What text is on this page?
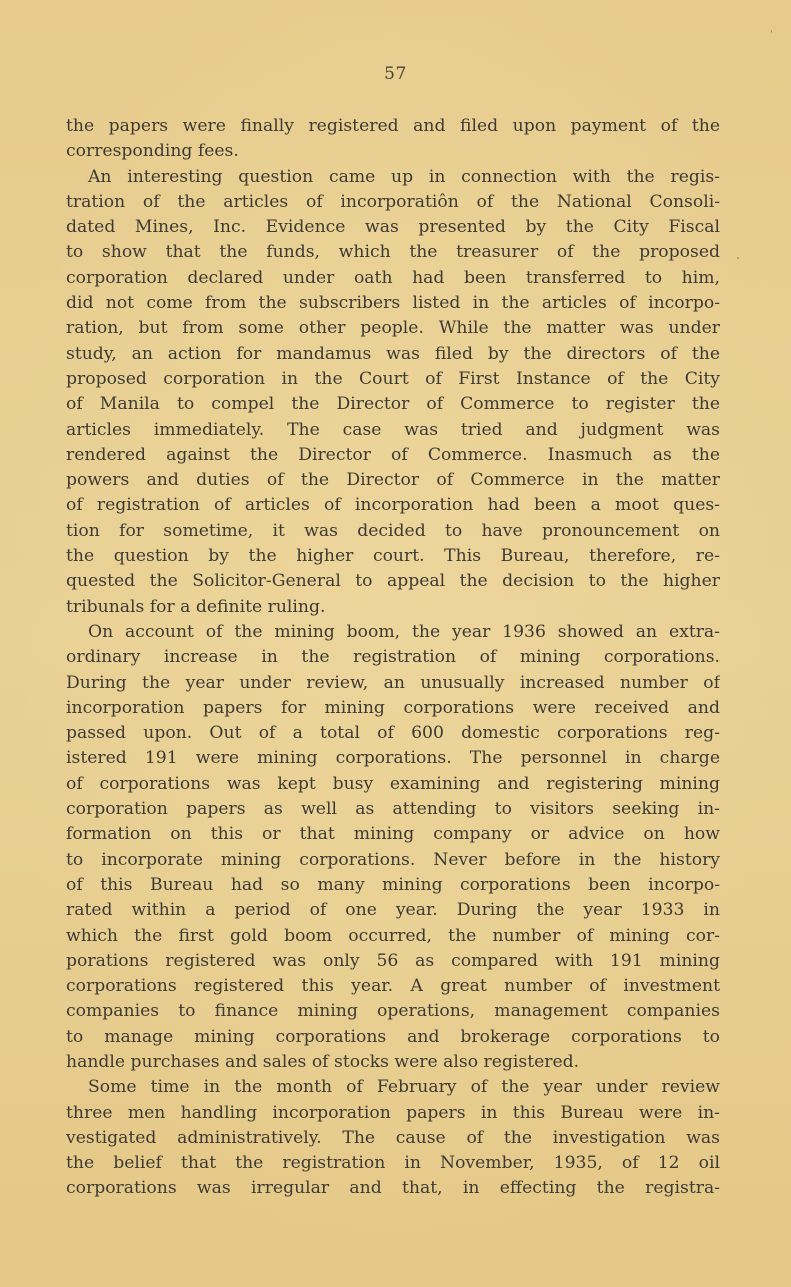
57
the papers were finally registered and filed upon payment of the
corresponding fees.
An interesting question came up in connection with the regis-
tration of the articles of incorporatiôn of the National Consoli-
dated Mines, Inc. Evidence was presented by the City Fiscal
to show that the funds, which the treasurer of the proposed
corporation declared under oath had been transferred to him,
did not come from the subscribers listed in the articles of incorpo-
ration, but from some other people. While the matter was under
study, an action for mandamus was filed by the directors of the
proposed corporation in the Court of First Instance of the City
of Manila to compel the Director of Commerce to register the
articles immediately. The case was tried and judgment was
rendered against the Director of Commerce. Inasmuch as the
powers and duties of the Director of Commerce in the matter
of registration of articles of incorporation had been a moot ques-
tion for sometime, it was decided to have pronouncement on
the question by the higher court. This Bureau, therefore, re-
quested the Solicitor-General to appeal the decision to the higher
tribunals for a definite ruling.
On account of the mining boom, the year 1936 showed an extra-
ordinary increase in the registration of mining corporations.
During the year under review, an unusually increased number of
incorporation papers for mining corporations were received and
passed upon. Out of a total of 600 domestic corporations reg-
istered 191 were mining corporations. The personnel in charge
of corporations was kept busy examining and registering mining
corporation papers as well as attending to visitors seeking in-
formation on this or that mining company or advice on how
to incorporate mining corporations. Never before in the history
of this Bureau had so many mining corporations been incorpo-
rated within a period of one year. During the year 1933 in
which the first gold boom occurred, the number of mining cor-
porations registered was only 56 as compared with 191 mining
corporations registered this year. A great number of investment
companies to finance mining operations, management companies
to manage mining corporations and brokerage corporations to
handle purchases and sales of stocks were also registered.
Some time in the month of February of the year under review
three men handling incorporation papers in this Bureau were in-
vestigated administratively. The cause of the investigation was
the belief that the registration in November, 1935, of 12 oil
corporations was irregular and that, in effecting the registra-
